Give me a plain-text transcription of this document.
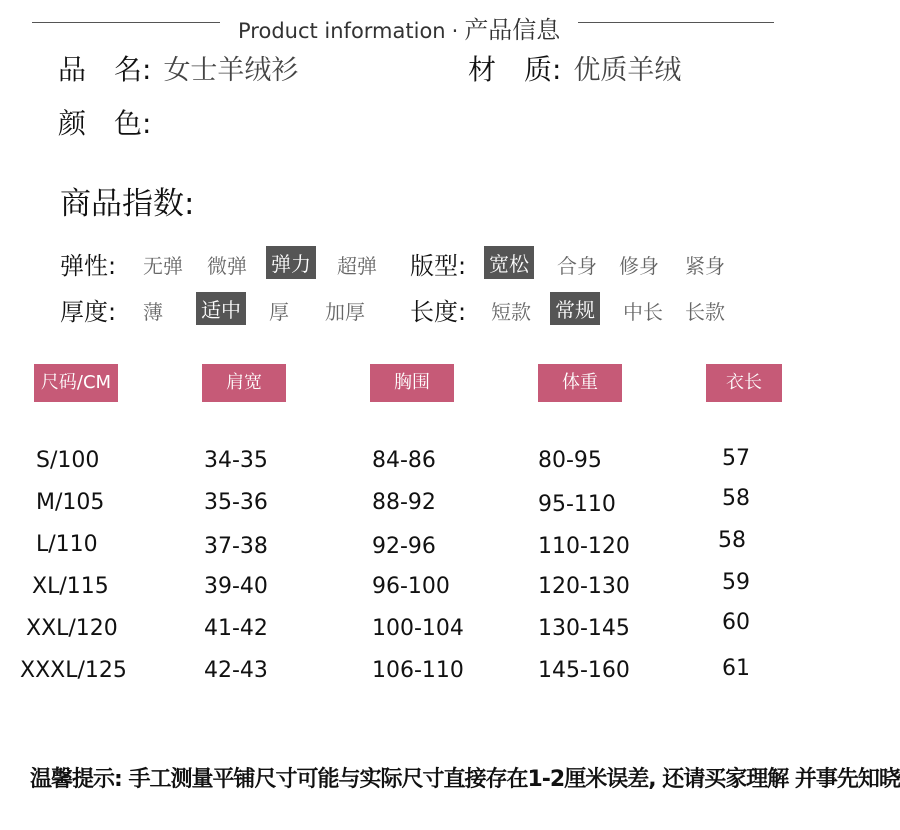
Product information · 产品信息
品　名: 女士羊绒衫	材　质: 优质羊绒
颜　色:
商品指数:
弹性: 无弹 微弹 弹力 超弹 版型: 宽松 合身 修身 紧身
厚度: 薄 适中 厚 加厚 长度: 短款 常规 中长 长款
尺码/CM	肩宽	胸围	体重	衣长
S/100	34-35	84-86	80-95	57
M/105	35-36	88-92	95-110	58
L/110	37-38	92-96	110-120	58
XL/115	39-40	96-100	120-130	59
XXL/120	41-42	100-104	130-145	60
XXXL/125	42-43	106-110	145-160	61
温馨提示: 手工测量平铺尺寸可能与实际尺寸直接存在1-2厘米误差, 还请买家理解 并事先知晓
